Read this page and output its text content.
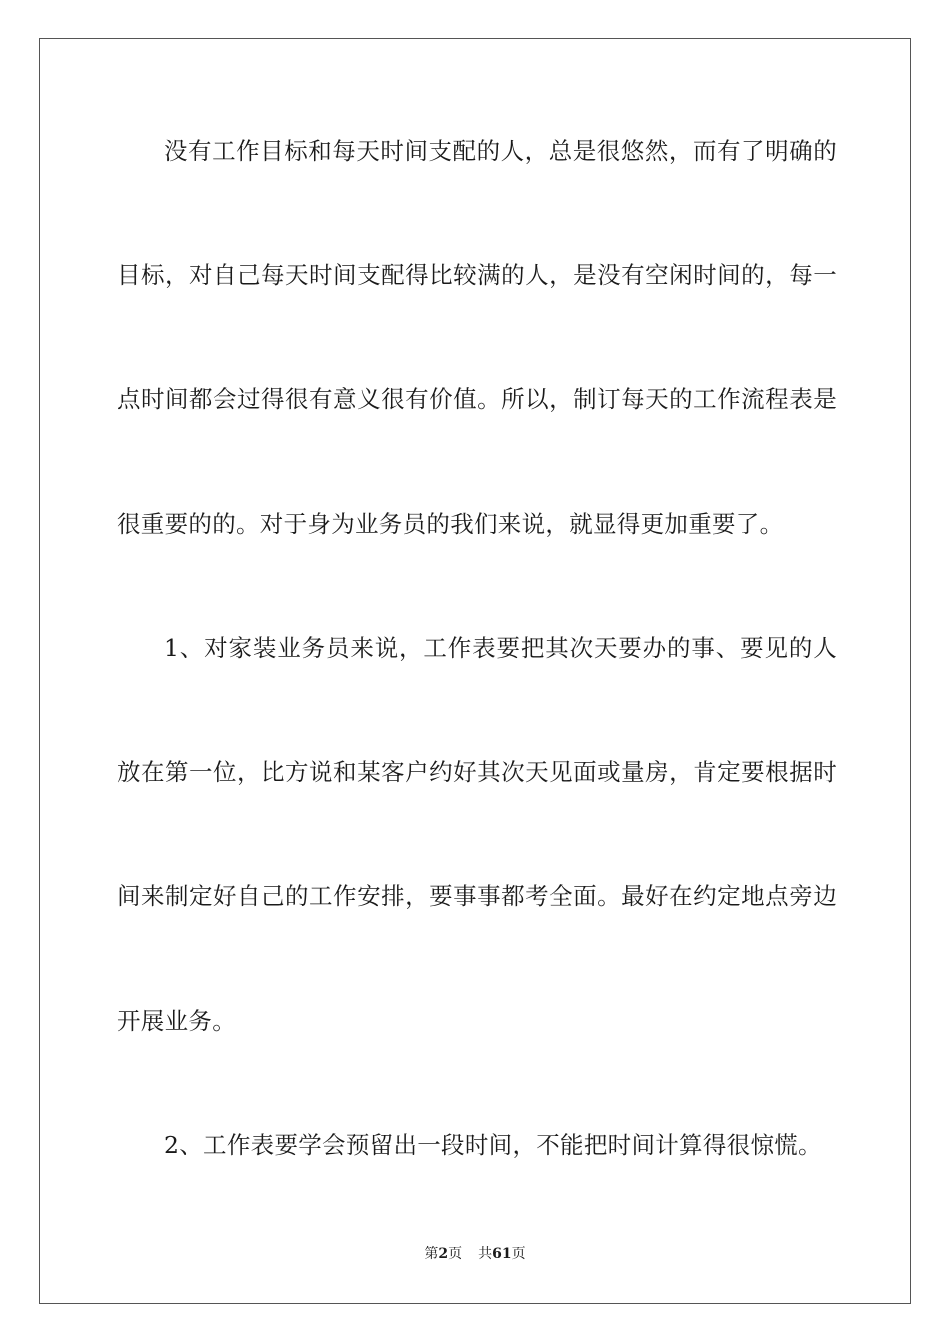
没有工作目标和每天时间支配的人，总是很悠然，而有了明确的
目标，对自己每天时间支配得比较满的人，是没有空闲时间的，每一
点时间都会过得很有意义很有价值。所以，制订每天的工作流程表是
很重要的的。对于身为业务员的我们来说，就显得更加重要了。
1、对家装业务员来说，工作表要把其次天要办的事、要见的人
放在第一位，比方说和某客户约好其次天见面或量房，肯定要根据时
间来制定好自己的工作安排，要事事都考全面。最好在约定地点旁边
开展业务。
2、工作表要学会预留出一段时间，不能把时间计算得很惊慌。
第2页 共61页
